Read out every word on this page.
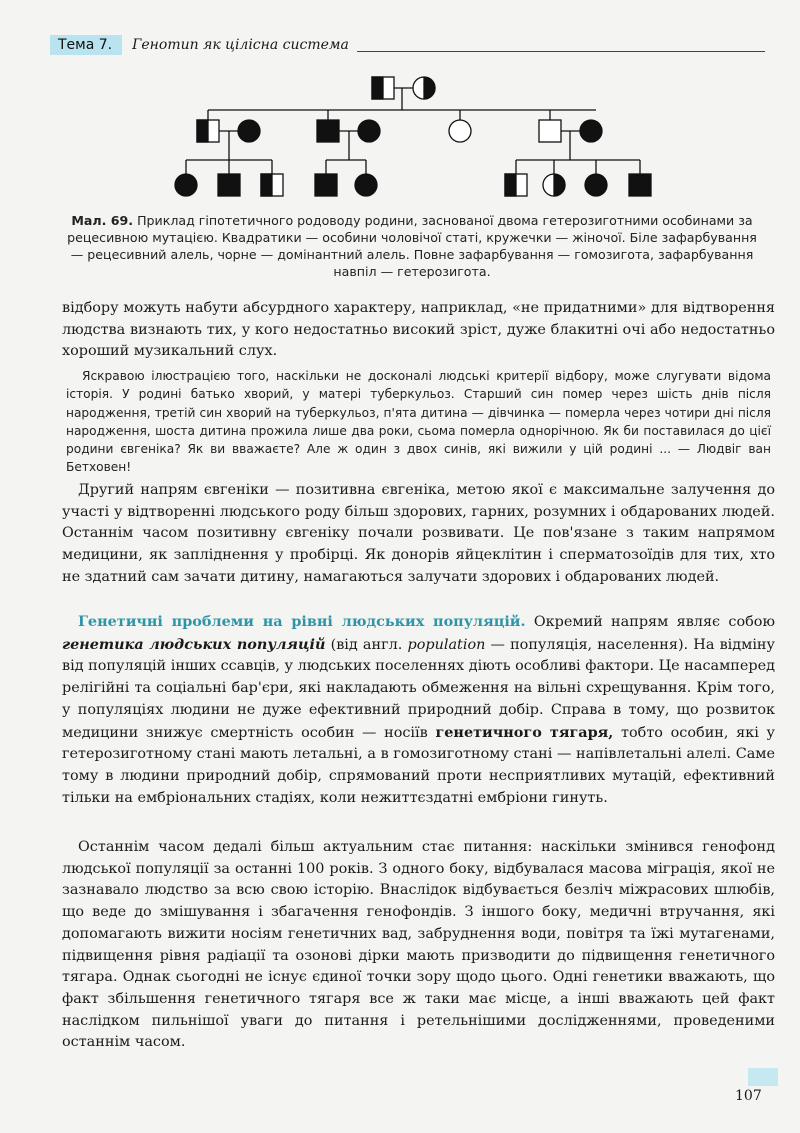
Тема 7.	Генотип як цілісна система
Мал. 69. Приклад гіпотетичного родоводу родини, заснованої двома гетерозиготними особинами за рецесивною мутацією. Квадратики — особини чоловічої статі, кружечки — жіночої. Біле зафарбування — рецесивний алель, чорне — домінантний алель. Повне зафарбування — гомозигота, зафарбування навпіл — гетерозигота.
відбору можуть набути абсурдного характеру, наприклад, «не придатними» для відтворення людства визнають тих, у кого недостатньо високий зріст, дуже блакитні очі або недостатньо хороший музикальний слух.
Яскравою ілюстрацією того, наскільки не досконалі людські критерії відбору, може слугувати відома історія. У родині батько хворий, у матері туберкульоз. Старший син помер через шість днів після народження, третій син хворий на туберкульоз, п'ята дитина — дівчинка — померла через чотири дні після народження, шоста дитина прожила лише два роки, сьома померла однорічною. Як би поставилася до цієї родини євгеніка? Як ви вважаєте? Але ж один з двох синів, які вижили у цій родині ... — Людвіг ван Бетховен!
Другий напрям євгеніки — позитивна євгеніка, метою якої є максимальне залучення до участі у відтворенні людського роду більш здорових, гарних, розумних і обдарованих людей. Останнім часом позитивну євгеніку почали розвивати. Це пов'язане з таким напрямом медицини, як запліднення у пробірці. Як донорів яйцеклітин і сперматозоїдів для тих, хто не здатний сам зачати дитину, намагаються залучати здорових і обдарованих людей.
Генетичні проблеми на рівні людських популяцій. Окремий напрям являє собою генетика людських популяцій (від англ. population — популяція, населення). На відміну від популяцій інших ссавців, у людських поселеннях діють особливі фактори. Це насамперед релігійні та соціальні бар'єри, які накладають обмеження на вільні схрещування. Крім того, у популяціях людини не дуже ефективний природний добір. Справа в тому, що розвиток медицини знижує смертність особин — носіїв генетичного тягаря, тобто особин, які у гетерозиготному стані мають летальні, а в гомозиготному стані — напівлетальні алелі. Саме тому в людини природний добір, спрямований проти несприятливих мутацій, ефективний тільки на ембріональних стадіях, коли нежиттєздатні ембріони гинуть.
Останнім часом дедалі більш актуальним стає питання: наскільки змінився генофонд людської популяції за останні 100 років. З одного боку, відбувалася масова міграція, якої не зазнавало людство за всю свою історію. Внаслідок відбувається безліч міжрасових шлюбів, що веде до змішування і збагачення генофондів. З іншого боку, медичні втручання, які допомагають вижити носіям генетичних вад, забруднення води, повітря та їжі мутагенами, підвищення рівня радіації та озонові дірки мають призводити до підвищення генетичного тягара. Однак сьогодні не існує єдиної точки зору щодо цього. Одні генетики вважають, що факт збільшення генетичного тягаря все ж таки має місце, а інші вважають цей факт наслідком пильнішої уваги до питання і ретельнішими дослідженнями, проведеними останнім часом.
107
